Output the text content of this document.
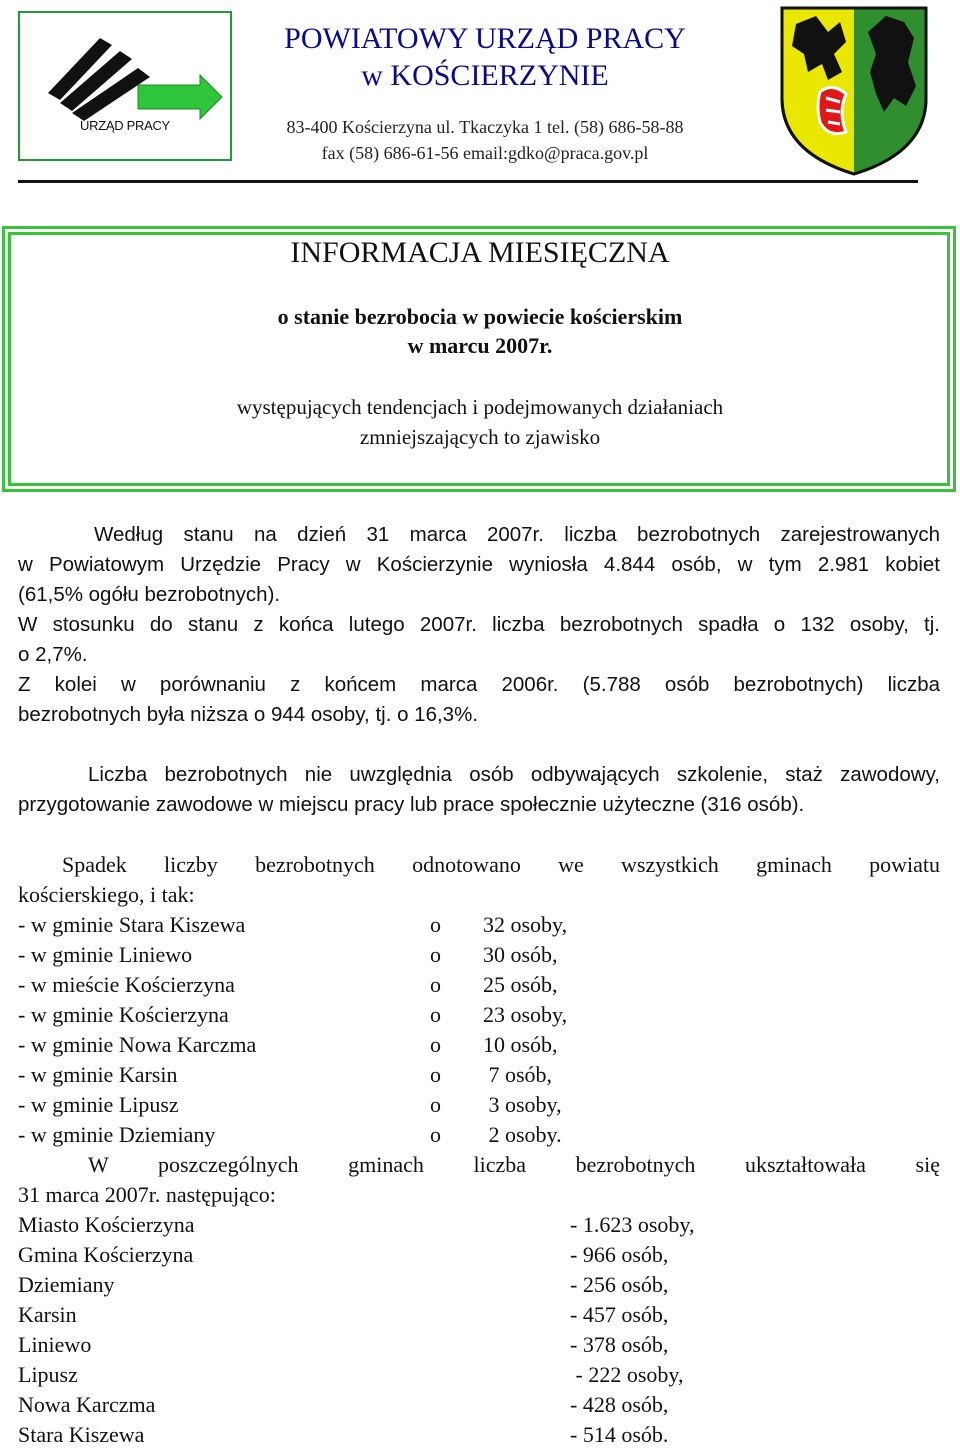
URZĄD PRACY
POWIATOWY URZĄD PRACY
w KOŚCIERZYNIE
83-400 Kościerzyna ul. Tkaczyka 1 tel. (58) 686-58-88
fax (58) 686-61-56 email:gdko@praca.gov.pl
INFORMACJA MIESIĘCZNA
o stanie bezrobocia w powiecie kościerskim
w marcu 2007r.
występujących tendencjach i podejmowanych działaniach
zmniejszających to zjawisko

Według stanu na dzień 31 marca 2007r. liczba bezrobotnych zarejestrowanych

w Powiatowym Urzędzie Pracy w Kościerzynie wyniosła 4.844 osób, w tym 2.981 kobiet

(61,5% ogółu bezrobotnych).

W stosunku do stanu z końca lutego 2007r. liczba bezrobotnych spadła o 132 osoby, tj.

o 2,7%.

Z kolei w porównaniu z końcem marca 2006r. (5.788 osób bezrobotnych) liczba

bezrobotnych była niższa o 944 osoby, tj. o 16,3%.

Liczba bezrobotnych nie uwzględnia osób odbywających szkolenie, staż zawodowy,

przygotowanie zawodowe w miejscu pracy lub prace społecznie użyteczne (316 osób).

Spadek liczby bezrobotnych odnotowano we wszystkich gminach powiatu

kościerskiego, i tak:

- w gminie Stara Kiszewa	o 32 osoby,
- w gminie Liniewo	o 30 osób,
- w mieście Kościerzyna	o 25 osób,
- w gminie Kościerzyna	o 23 osoby,
- w gminie Nowa Karczma	o 10 osób,
- w gminie Karsin	o 7 osób,
- w gminie Lipusz	o 3 osoby,
- w gminie Dziemiany	o 2 osoby.

W poszczególnych gminach liczba bezrobotnych ukształtowała się

31 marca 2007r. następująco:

Miasto Kościerzyna	- 1.623 osoby,
Gmina Kościerzyna	- 966 osób,
Dziemiany	- 256 osób,
Karsin	- 457 osób,
Liniewo	- 378 osób,
Lipusz	- 222 osoby,
Nowa Karczma	- 428 osób,
Stara Kiszewa	- 514 osób.
